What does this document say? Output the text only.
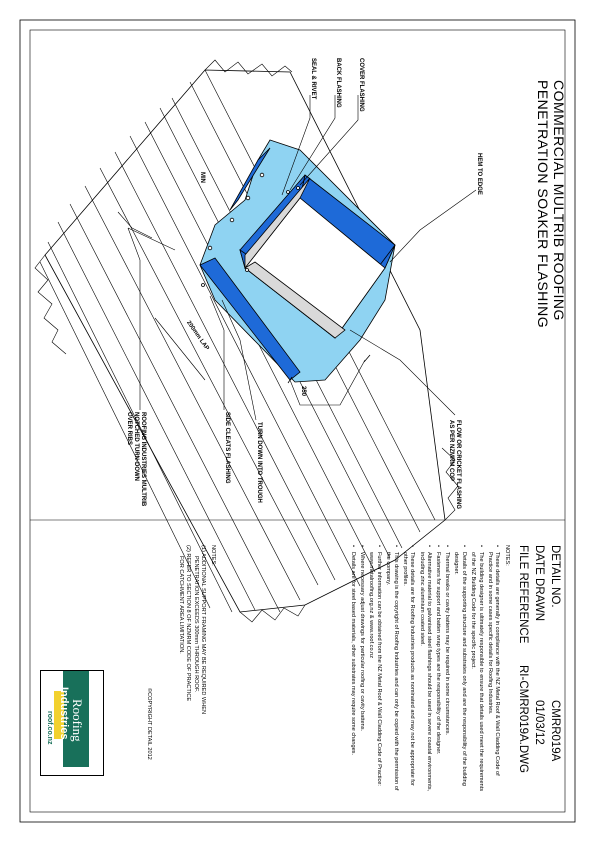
COMMERCIAL MULTRIB ROOFING
PENETRATION SOAKER FLASHING
DETAIL NO.
CMRR019A
DATE DRAWN
01/03/12
FILE REFERENCE
RI-CMRR019A.DWG
COVER FLASHING
BACK FLASHING
SEAL & RIVET
HEM TO EDGE
FLOW OR CRICKET FLASHING
AS PER NZMRM COP
TURN DOWN INTO TROUGH
SIDE CLEATS FLASHING
ROOFING INDUSTRIES MULTRIB
NOTCHED TURN-DOWN
OVER RIBS
MIN
200mm LAP
250
NOTES:
• These details are generally in compliance with the NZ Metal Roof & Wall Cladding Code of Practice and in some cases specific details for Roofing Industries.
• The building designer is ultimately responsible to ensure that details used meet the requirements of the NZ Building Code for the specific project.
• Details of the supporting structure and substrates only and are the responsibility of the building designer.
• Thermal breaks or cavity battens may be required in some circumstances.
• Fasteners for support and batten wrap types are the responsibility of the designer.
• Alternative material to galvanised steel flashings should be used in severe coastal environments, including zinc aluminium coated steel.
• These details are for Roofing Industries products as nominated and may not be appropriate for other profiles.
• This drawing is the copyright of Roofing Industries and can only be copied with the permission of the company.
• Further information can be obtained from the NZ Metal Roof & Wall Cladding Code of Practice: www.metalroofing.org.nz & www.roof.co.nz
• Where necessary adjust drawings for particular roofing or cavity battens.
• Details are for steel based materials, other substrates may require some changes.
NOTES:
(1) ADDITIONAL SUPPORT FRAMING MAY BE REQUIRED WHEN
PENETRATION EXCEEDS 300mm THROUGH ROOF.
(2) REFER TO SECTION 8 OF NZMRM CODE OF PRACTICE
FOR CATCHMENT AREA LIMITATION.
©COPYRIGHT DETAIL 2012
Roofing
Industries
roof.co.nz
